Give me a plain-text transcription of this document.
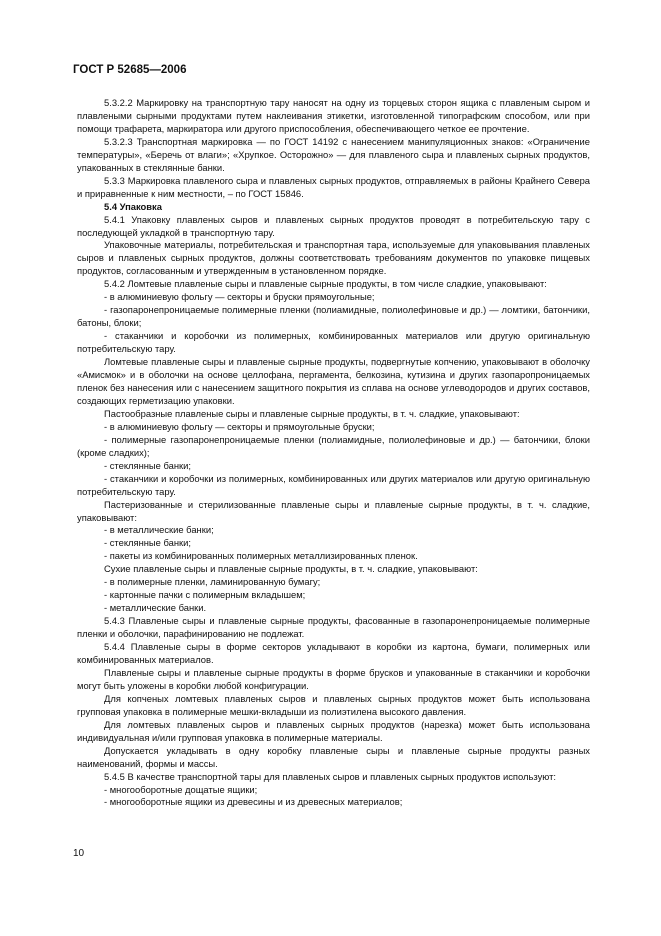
ГОСТ Р 52685—2006

5.3.2.2 Маркировку на транспортную тару наносят на одну из торцевых сторон ящика с плавленым сыром и плавлеными сырными продуктами путем наклеивания этикетки, изготовленной типографским способом, или при помощи трафарета, маркиратора или другого приспособления, обеспечивающего четкое ее прочтение.

5.3.2.3 Транспортная маркировка — по ГОСТ 14192 с нанесением манипуляционных знаков: «Ограничение температуры», «Беречь от влаги»; «Хрупкое. Осторожно» — для плавленого сыра и плавленых сырных продуктов, упакованных в стеклянные банки.

5.3.3 Маркировка плавленого сыра и плавленых сырных продуктов, отправляемых в районы Крайнего Севера и приравненные к ним местности, – по ГОСТ 15846.

5.4 Упаковка

5.4.1 Упаковку плавленых сыров и плавленых сырных продуктов проводят в потребительскую тару с последующей укладкой в транспортную тару.

Упаковочные материалы, потребительская и транспортная тара, используемые для упаковывания плавленых сыров и плавленых сырных продуктов, должны соответствовать требованиям документов по упаковке пищевых продуктов, согласованным и утвержденным в установленном порядке.

5.4.2 Ломтевые плавленые сыры и плавленые сырные продукты, в том числе сладкие, упаковывают:

- в алюминиевую фольгу — секторы и бруски прямоугольные;

- газопаронепроницаемые полимерные пленки (полиамидные, полиолефиновые и др.) — ломтики, батончики, батоны, блоки;

- стаканчики и коробочки из полимерных, комбинированных материалов или другую оригинальную потребительскую тару.

Ломтевые плавленые сыры и плавленые сырные продукты, подвергнутые копчению, упаковывают в оболочку «Амисмок» и в оболочки на основе целлофана, пергамента, белкозина, кутизина и других газопаропроницаемых пленок без нанесения или с нанесением защитного покрытия из сплава на основе углеводородов и других составов, создающих герметизацию упаковки.

Пастообразные плавленые сыры и плавленые сырные продукты, в т. ч. сладкие, упаковывают:

- в алюминиевую фольгу — секторы и прямоугольные бруски;

- полимерные газопаронепроницаемые пленки (полиамидные, полиолефиновые и др.) — батончики, блоки (кроме сладких);

- стеклянные банки;

- стаканчики и коробочки из полимерных, комбинированных или других материалов или другую оригинальную потребительскую тару.

Пастеризованные и стерилизованные плавленые сыры и плавленые сырные продукты, в т. ч. сладкие, упаковывают:

- в металлические банки;

- стеклянные банки;

- пакеты из комбинированных полимерных металлизированных пленок.

Сухие плавленые сыры и плавленые сырные продукты, в т. ч. сладкие, упаковывают:

- в полимерные пленки, ламинированную бумагу;

- картонные пачки с полимерным вкладышем;

- металлические банки.

5.4.3 Плавленые сыры и плавленые сырные продукты, фасованные в газопаронепроницаемые полимерные пленки и оболочки, парафинированию не подлежат.

5.4.4 Плавленые сыры в форме секторов укладывают в коробки из картона, бумаги, полимерных или комбинированных материалов.

Плавленые сыры и плавленые сырные продукты в форме брусков и упакованные в стаканчики и коробочки могут быть уложены в коробки любой конфигурации.

Для копченых ломтевых плавленых сыров и плавленых сырных продуктов может быть использована групповая упаковка в полимерные мешки-вкладыши из полиэтилена высокого давления.

Для ломтевых плавленых сыров и плавленых сырных продуктов (нарезка) может быть использована индивидуальная и/или групповая упаковка в полимерные материалы.

Допускается укладывать в одну коробку плавленые сыры и плавленые сырные продукты разных наименований, формы и массы.

5.4.5 В качестве транспортной тары для плавленых сыров и плавленых сырных продуктов используют:

- многооборотные дощатые ящики;

- многооборотные ящики из древесины и из древесных материалов;

10
